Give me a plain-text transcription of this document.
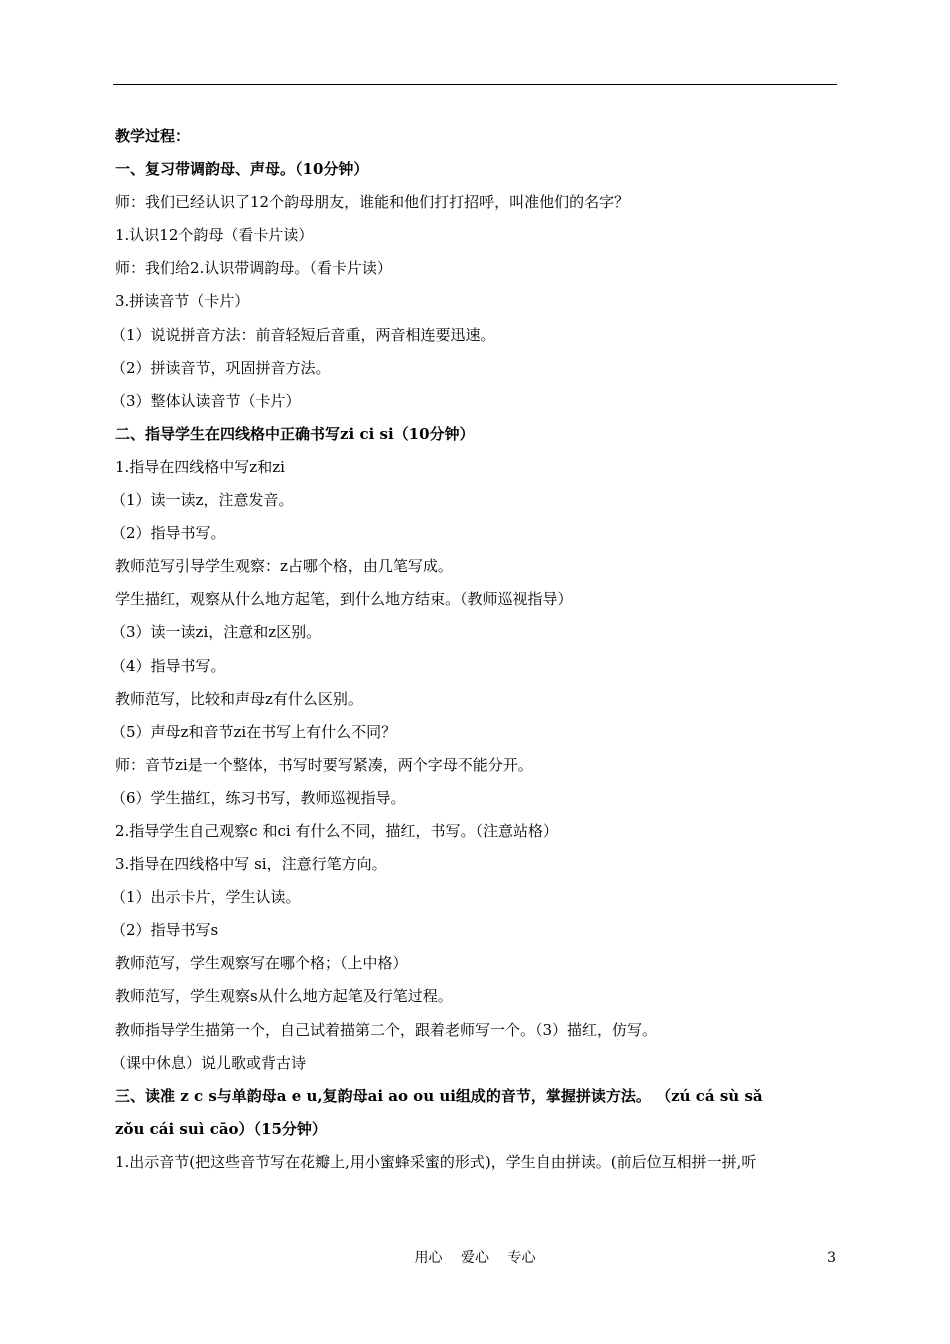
教学过程：
一、复习带调韵母、声母。（10分钟）
师：我们已经认识了12个韵母朋友，谁能和他们打打招呼，叫准他们的名字？
1.认识12个韵母（看卡片读）
师：我们给2.认识带调韵母。（看卡片读）
3.拼读音节（卡片）
（1）说说拼音方法：前音轻短后音重，两音相连要迅速。
（2）拼读音节，巩固拼音方法。
（3）整体认读音节（卡片）
二、指导学生在四线格中正确书写zi ci si（10分钟）
1.指导在四线格中写z和zi
（1）读一读z，注意发音。
（2）指导书写。
教师范写引导学生观察：z占哪个格，由几笔写成。
学生描红，观察从什么地方起笔，到什么地方结束。（教师巡视指导）
（3）读一读zi，注意和z区别。
（4）指导书写。
教师范写，比较和声母z有什么区别。
（5）声母z和音节zi在书写上有什么不同？
师：音节zi是一个整体，书写时要写紧凑，两个字母不能分开。
（6）学生描红，练习书写，教师巡视指导。
2.指导学生自己观察c 和ci 有什么不同，描红，书写。（注意站格）
3.指导在四线格中写 si，注意行笔方向。
（1）出示卡片，学生认读。
（2）指导书写s
教师范写，学生观察写在哪个格；（上中格）
教师范写，学生观察s从什么地方起笔及行笔过程。
教师指导学生描第一个，自己试着描第二个，跟着老师写一个。（3）描红，仿写。
（课中休息）说儿歌或背古诗
三、读准 z c s与单韵母a e u,复韵母ai ao ou ui组成的音节，掌握拼读方法。 （zú cá sù sǎ
zǒu cái suì cāo）（15分钟）
1.出示音节(把这些音节写在花瓣上,用小蜜蜂采蜜的形式)，学生自由拼读。(前后位互相拼一拼,听
用心 爱心 专心	3
